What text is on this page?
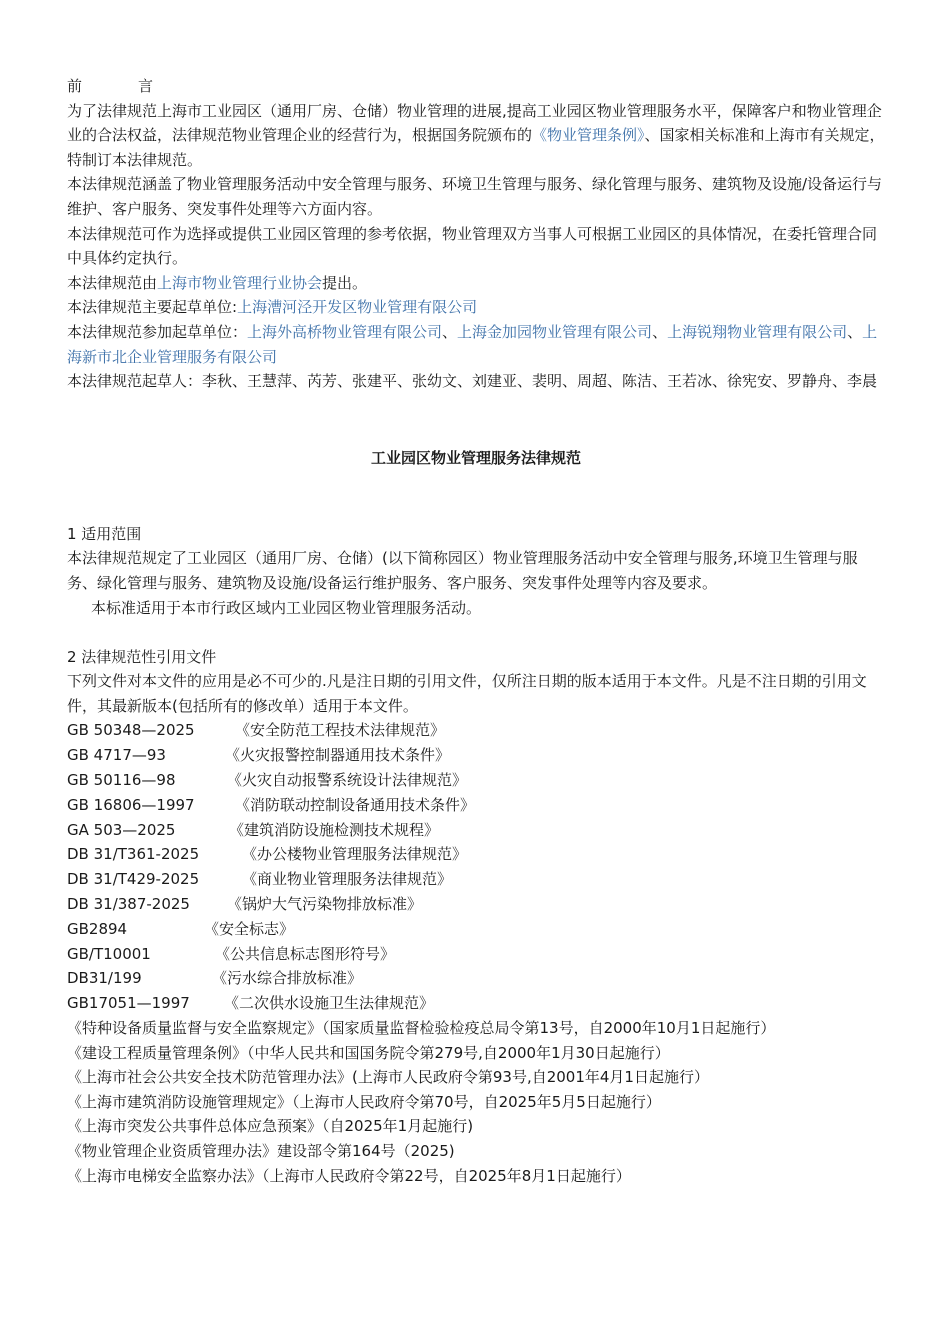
前	言

为了法律规范上海市工业园区（通用厂房、仓储）物业管理的进展,提高工业园区物业管理服务水平，保障客户和物业管理企业的合法权益，法律规范物业管理企业的经营行为，根据国务院颁布的《物业管理条例》、国家相关标准和上海市有关规定，特制订本法律规范。

本法律规范涵盖了物业管理服务活动中安全管理与服务、环境卫生管理与服务、绿化管理与服务、建筑物及设施/设备运行与维护、客户服务、突发事件处理等六方面内容。

本法律规范可作为选择或提供工业园区管理的参考依据，物业管理双方当事人可根据工业园区的具体情况，在委托管理合同中具体约定执行。

本法律规范由上海市物业管理行业协会提出。

本法律规范主要起草单位:上海漕河泾开发区物业管理有限公司

本法律规范参加起草单位：上海外高桥物业管理有限公司、上海金加园物业管理有限公司、上海锐翔物业管理有限公司、上海新市北企业管理服务有限公司

本法律规范起草人：李秋、王慧萍、芮芳、张建平、张幼文、刘建亚、裴明、周超、陈洁、王若冰、徐宪安、罗静舟、李晨

工业园区物业管理服务法律规范

1 适用范围

本法律规范规定了工业园区（通用厂房、仓储）(以下简称园区）物业管理服务活动中安全管理与服务,环境卫生管理与服务、绿化管理与服务、建筑物及设施/设备运行维护服务、客户服务、突发事件处理等内容及要求。

本标准适用于本市行政区域内工业园区物业管理服务活动。

2 法律规范性引用文件

下列文件对本文件的应用是必不可少的.凡是注日期的引用文件，仅所注日期的版本适用于本文件。凡是不注日期的引用文件，其最新版本(包括所有的修改单）适用于本文件。

GB 50348—2025	《安全防范工程技术法律规范》
GB 4717—93	《火灾报警控制器通用技术条件》
GB 50116—98	《火灾自动报警系统设计法律规范》
GB 16806—1997	《消防联动控制设备通用技术条件》
GA 503—2025	《建筑消防设施检测技术规程》
DB 31/T361-2025	《办公楼物业管理服务法律规范》
DB 31/T429-2025	《商业物业管理服务法律规范》
DB 31/387-2025	《锅炉大气污染物排放标准》
GB2894	《安全标志》
GB/T10001	《公共信息标志图形符号》
DB31/199	《污水综合排放标准》
GB17051—1997	《二次供水设施卫生法律规范》

《特种设备质量监督与安全监察规定》（国家质量监督检验检疫总局令第13号，自2000年10月1日起施行）

《建设工程质量管理条例》（中华人民共和国国务院令第279号,自2000年1月30日起施行）

《上海市社会公共安全技术防范管理办法》(上海市人民政府令第93号,自2001年4月1日起施行）

《上海市建筑消防设施管理规定》（上海市人民政府令第70号，自2025年5月5日起施行）

《上海市突发公共事件总体应急预案》（自2025年1月起施行)

《物业管理企业资质管理办法》建设部令第164号（2025)

《上海市电梯安全监察办法》（上海市人民政府令第22号，自2025年8月1日起施行）
